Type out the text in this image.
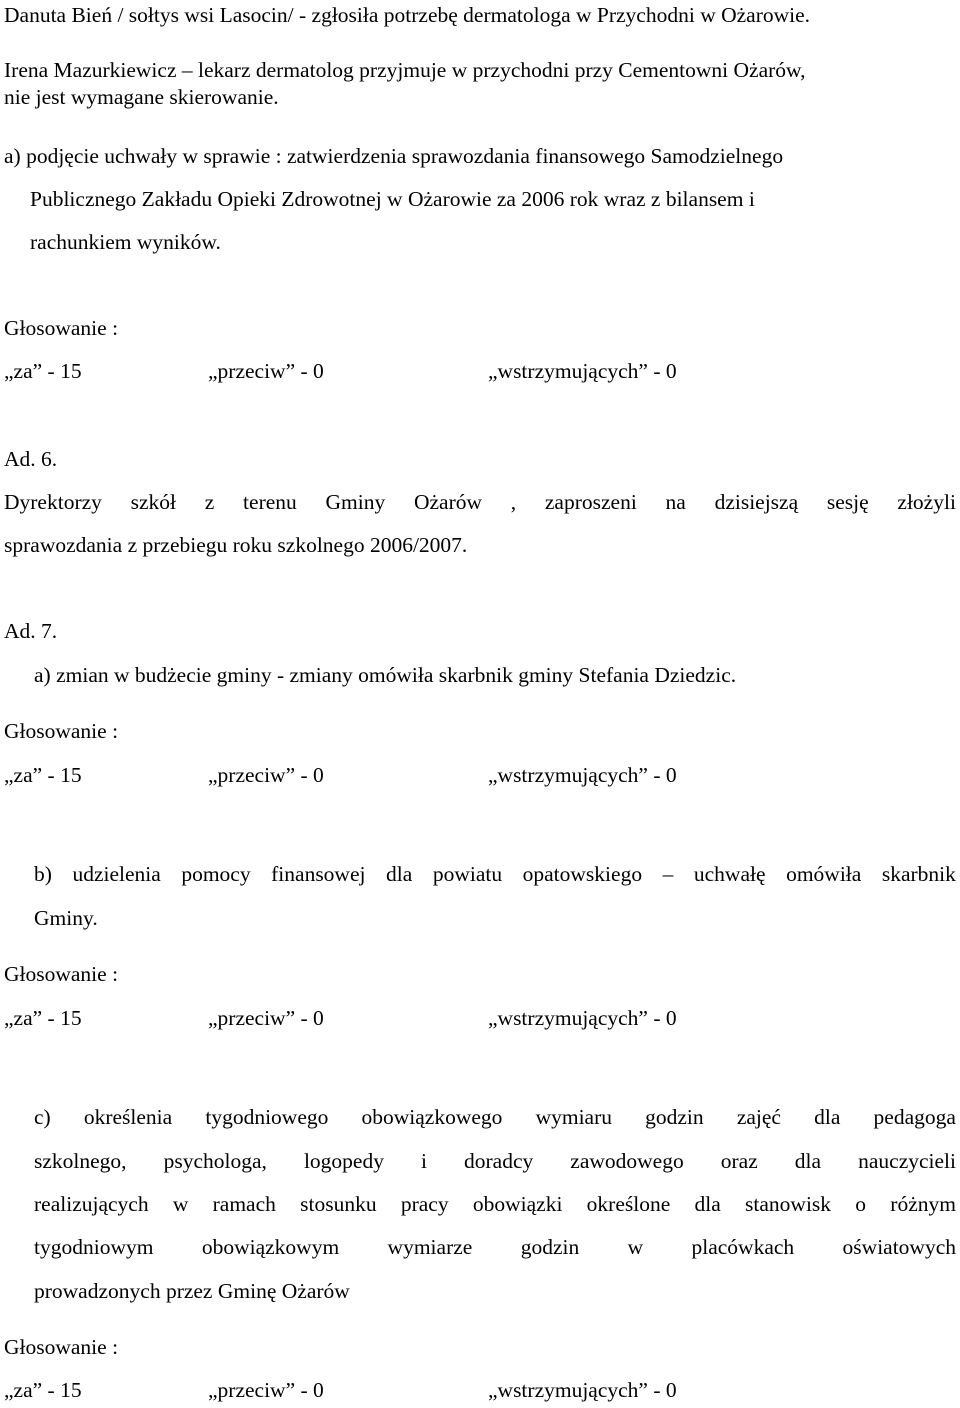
Danuta Bień / sołtys wsi Lasocin/ - zgłosiła potrzebę dermatologa w Przychodni w Ożarowie.
Irena Mazurkiewicz – lekarz dermatolog przyjmuje w przychodni przy Cementowni Ożarów,
nie jest wymagane skierowanie.
a) podjęcie uchwały w sprawie : zatwierdzenia sprawozdania finansowego Samodzielnego
Publicznego Zakładu Opieki Zdrowotnej w Ożarowie za 2006 rok wraz z bilansem i
rachunkiem wyników.
Głosowanie :
„za” - 15	„przeciw” - 0	„wstrzymujących” - 0
Ad. 6.
Dyrektorzy szkół z terenu Gminy Ożarów , zaproszeni na dzisiejszą sesję złożyli
sprawozdania z przebiegu roku szkolnego 2006/2007.
Ad. 7.
a) zmian w budżecie gminy - zmiany omówiła skarbnik gminy Stefania Dziedzic.
Głosowanie :
„za” - 15	„przeciw” - 0	„wstrzymujących” - 0
b) udzielenia pomocy finansowej dla powiatu opatowskiego – uchwałę omówiła skarbnik
Gminy.
Głosowanie :
„za” - 15	„przeciw” - 0	„wstrzymujących” - 0
c) określenia tygodniowego obowiązkowego wymiaru godzin zajęć dla pedagoga
szkolnego, psychologa, logopedy i doradcy zawodowego oraz dla nauczycieli
realizujących w ramach stosunku pracy obowiązki określone dla stanowisk o różnym
tygodniowym obowiązkowym wymiarze godzin w placówkach oświatowych
prowadzonych przez Gminę Ożarów
Głosowanie :
„za” - 15	„przeciw” - 0	„wstrzymujących” - 0
